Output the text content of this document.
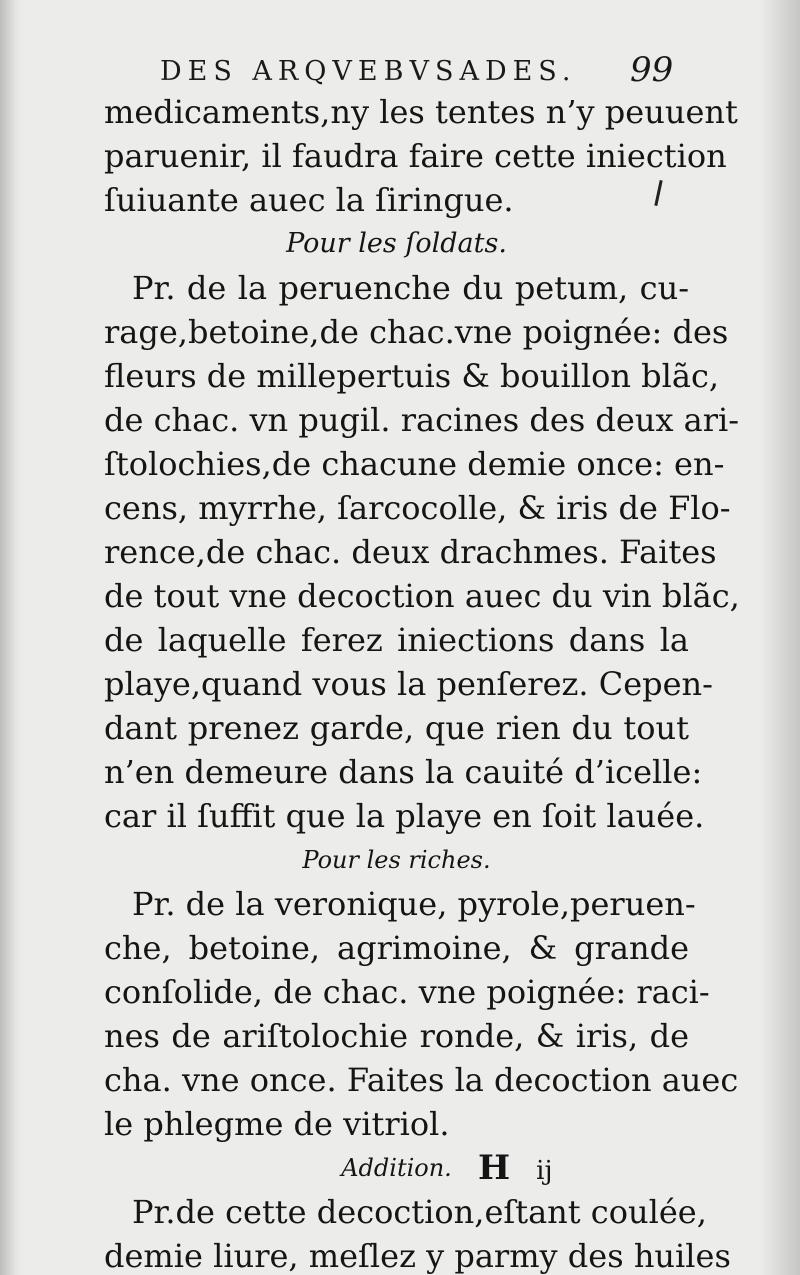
DES ARQVEBVSADES. 99
medicaments,ny les tentes n’y peuuent
paruenir, il faudra faire cette iniection
ſuiuante auec la ſiringue.
Pour les ſoldats.
Pr. de la peruenche du petum, cu-
rage,betoine,de chac.vne poignée: des
fleurs de millepertuis & bouillon blãc,
de chac. vn pugil. racines des deux ari-
ſtolochies,de chacune demie once: en-
cens, myrrhe, ſarcocolle, & iris de Flo-
rence,de chac. deux drachmes. Faites
de tout vne decoction auec du vin blãc,
de laquelle ferez iniections dans la
playe,quand vous la penſerez. Cepen-
dant prenez garde, que rien du tout
n’en demeure dans la cauité d’icelle:
car il ſuffit que la playe en ſoit lauée.
Pour les riches.
Pr. de la veronique, pyrole,peruen-
che, betoine, agrimoine, & grande
conſolide, de chac. vne poignée: raci-
nes de ariſtolochie ronde, & iris, de
cha. vne once. Faites la decoction auec
le phlegme de vitriol.
Addition.
Pr.de cette decoction,eſtant coulée,
demie liure, meſlez y parmy des huiles
H ij
